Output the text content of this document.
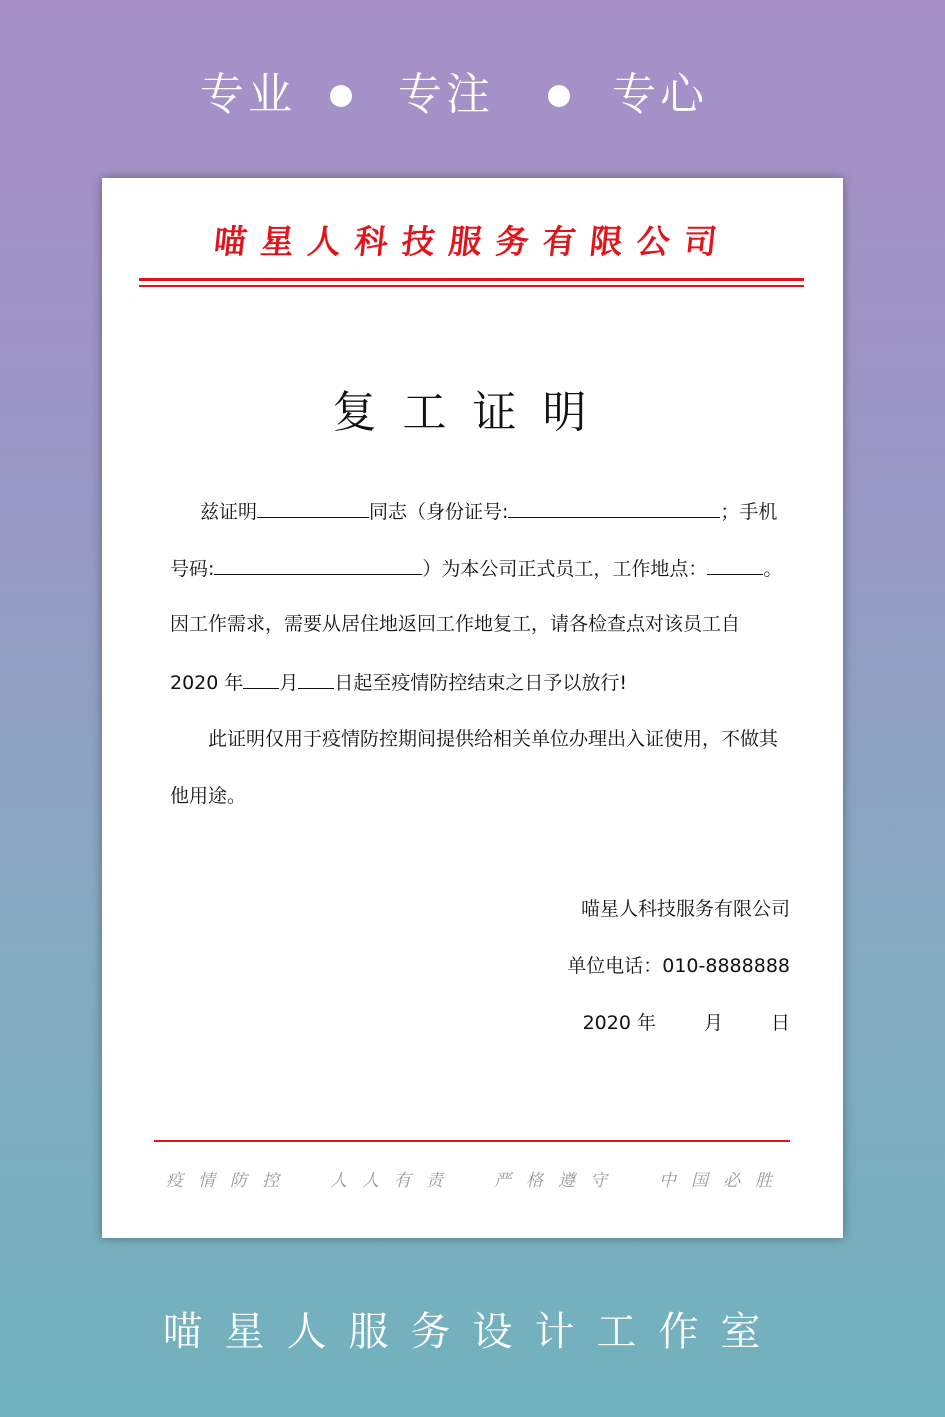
专业 专注	专心
喵星人科技服务有限公司
复工证明
兹证明	同志（身份证号:	；手机
号码:	）为本公司正式员工，工作地点：	。
因工作需求，需要从居住地返回工作地复工，请各检查点对该员工自
2020 年 月 日起至疫情防控结束之日予以放行!
此证明仅用于疫情防控期间提供给相关单位办理出入证使用，不做其
他用途。
喵星人科技服务有限公司
单位电话：010-8888888
2020 年	月	日
疫情防控 人人有责 严格遵守 中国必胜
喵星人服务设计工作室
